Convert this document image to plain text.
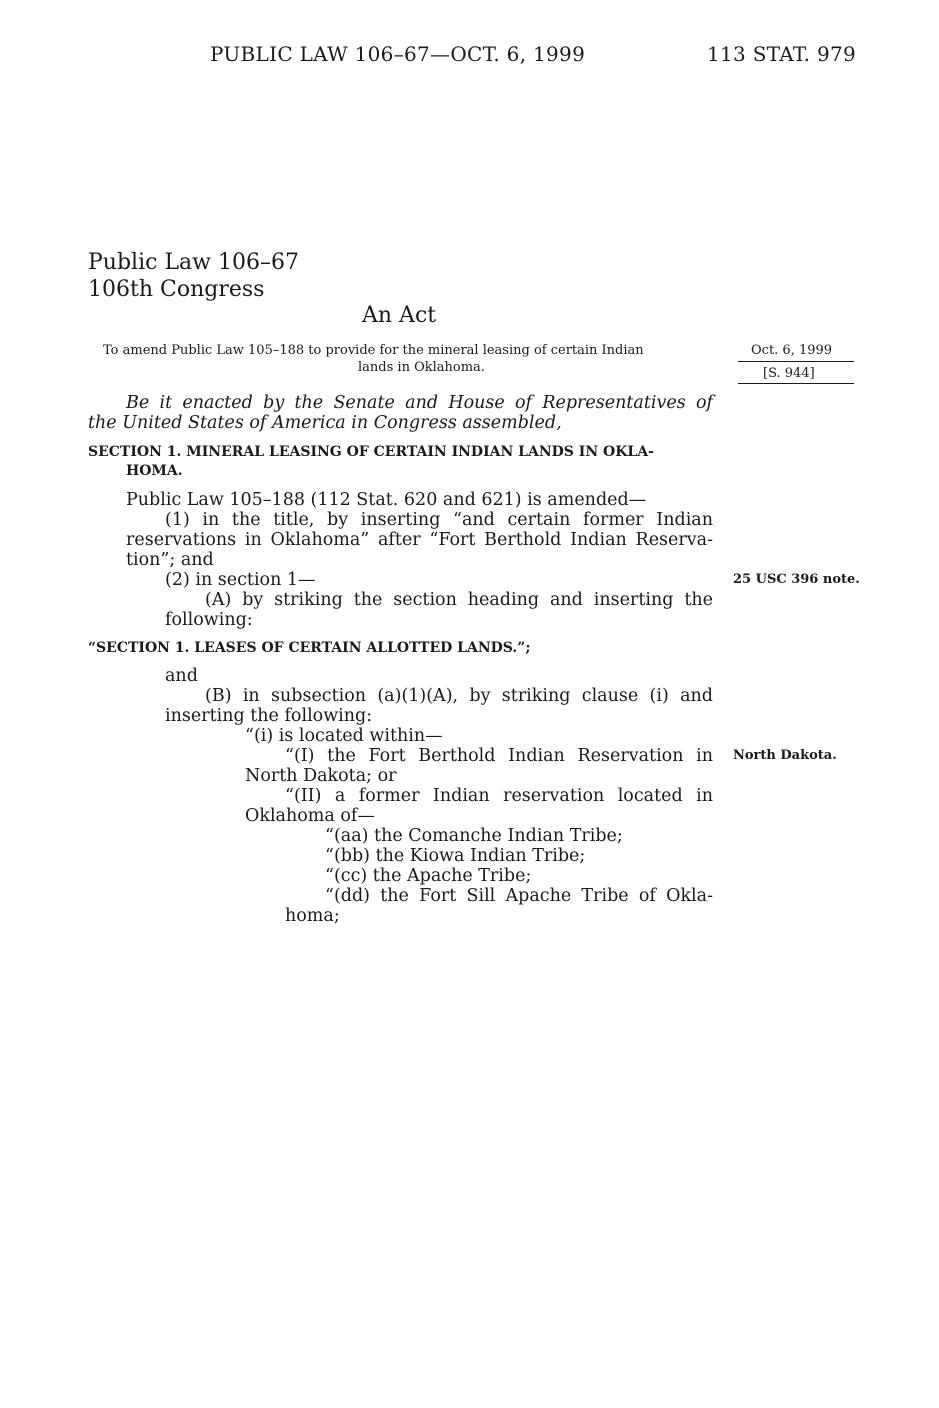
PUBLIC LAW 106–67—OCT. 6, 1999	113 STAT. 979
Public Law 106–67
106th Congress
An Act
To amend Public Law 105–188 to provide for the mineral leasing of certain Indian
lands in Oklahoma.
Oct. 6, 1999
[S. 944]
Be it enacted by the Senate and House of Representatives of
the United States of America in Congress assembled,
SECTION 1. MINERAL LEASING OF CERTAIN INDIAN LANDS IN OKLA-
HOMA.
Public Law 105–188 (112 Stat. 620 and 621) is amended—
(1) in the title, by inserting “and certain former Indian
reservations in Oklahoma” after “Fort Berthold Indian Reserva-
tion”; and
(2) in section 1—
(A) by striking the section heading and inserting the
following:
25 USC 396 note.
“SECTION 1. LEASES OF CERTAIN ALLOTTED LANDS.”;
and
(B) in subsection (a)(1)(A), by striking clause (i) and
inserting the following:
“(i) is located within—
“(I) the Fort Berthold Indian Reservation in
North Dakota; or
“(II) a former Indian reservation located in
Oklahoma of—
“(aa) the Comanche Indian Tribe;
“(bb) the Kiowa Indian Tribe;
“(cc) the Apache Tribe;
“(dd) the Fort Sill Apache Tribe of Okla-
homa;
North Dakota.
